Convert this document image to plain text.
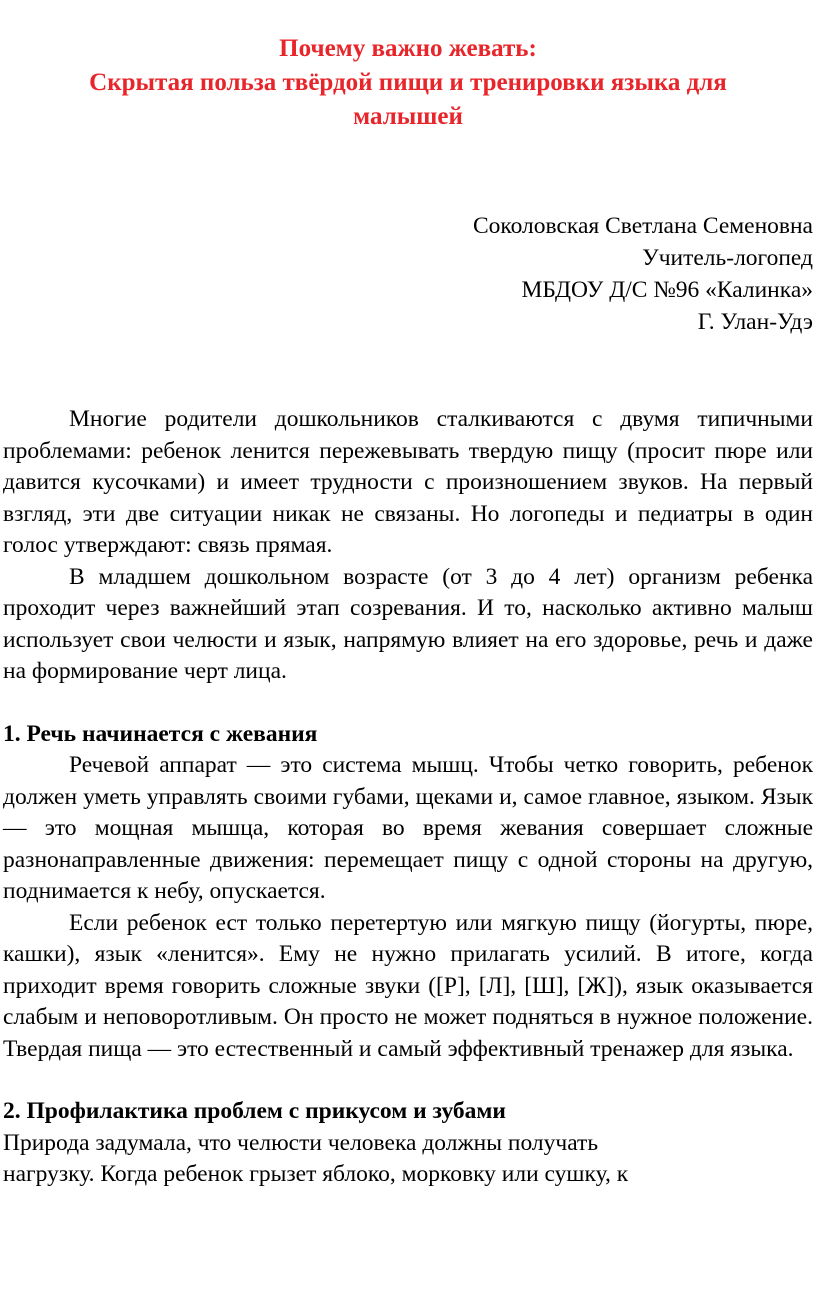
Почему важно жевать:
Скрытая польза твёрдой пищи и тренировки языка для
малышей
Соколовская Светлана Семеновна
Учитель-логопед
МБДОУ Д/С №96 «Калинка»
Г. Улан-Удэ

Многие родители дошкольников сталкиваются с двумя типичными проблемами: ребенок ленится пережевывать твердую пищу (просит пюре или давится кусочками) и имеет трудности с произношением звуков. На первый взгляд, эти две ситуации никак не связаны. Но логопеды и педиатры в один голос утверждают: связь прямая.

В младшем дошкольном возрасте (от 3 до 4 лет) организм ребенка проходит через важнейший этап созревания. И то, насколько активно малыш использует свои челюсти и язык, напрямую влияет на его здоровье, речь и даже на формирование черт лица.

1. Речь начинается с жевания

Речевой аппарат — это система мышц. Чтобы четко говорить, ребенок должен уметь управлять своими губами, щеками и, самое главное, языком. Язык — это мощная мышца, которая во время жевания совершает сложные разнонаправленные движения: перемещает пищу с одной стороны на другую, поднимается к небу, опускается.

Если ребенок ест только перетертую или мягкую пищу (йогурты, пюре, кашки), язык «ленится». Ему не нужно прилагать усилий. В итоге, когда приходит время говорить сложные звуки ([Р], [Л], [Ш], [Ж]), язык оказывается слабым и неповоротливым. Он просто не может подняться в нужное положение. Твердая пища — это естественный и самый эффективный тренажер для языка.

2. Профилактика проблем с прикусом и зубами
Природа задумала, что челюсти человека должны получать
нагрузку. Когда ребенок грызет яблоко, морковку или сушку, к
